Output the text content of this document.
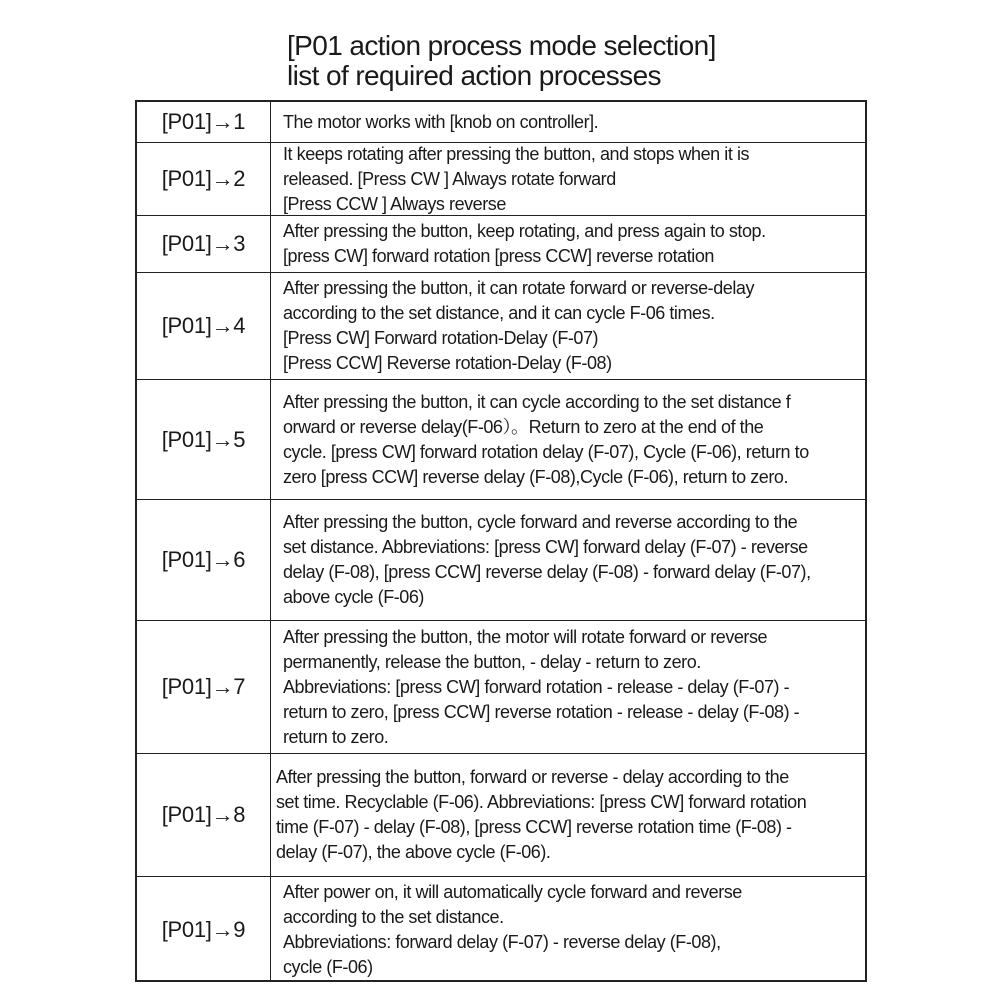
[P01 action process mode selection]
list of required action processes
[P01]→1	The motor works with [knob on controller].
[P01]→2
It keeps rotating after pressing the button, and stops when it is
released. [Press CW ] Always rotate forward
[Press CCW ] Always reverse
[P01]→3	After pressing the button, keep rotating, and press again to stop.
[press CW] forward rotation [press CCW] reverse rotation
[P01]→4
After pressing the button, it can rotate forward or reverse-delay
according to the set distance, and it can cycle F-06 times.
[Press CW] Forward rotation-Delay (F-07)
[Press CCW] Reverse rotation-Delay (F-08)
[P01]→5
After pressing the button, it can cycle according to the set distance f
orward or reverse delay(F-06）。Return to zero at the end of the
cycle. [press CW] forward rotation delay (F-07), Cycle (F-06), return to
zero [press CCW] reverse delay (F-08),Cycle (F-06), return to zero.
[P01]→6
After pressing the button, cycle forward and reverse according to the
set distance. Abbreviations: [press CW] forward delay (F-07) - reverse
delay (F-08), [press CCW] reverse delay (F-08) - forward delay (F-07),
above cycle (F-06)
[P01]→7
After pressing the button, the motor will rotate forward or reverse
permanently, release the button, - delay - return to zero.
Abbreviations: [press CW] forward rotation - release - delay (F-07) -
return to zero, [press CCW] reverse rotation - release - delay (F-08) -
return to zero.
[P01]→8
After pressing the button, forward or reverse - delay according to the
set time. Recyclable (F-06). Abbreviations: [press CW] forward rotation
time (F-07) - delay (F-08), [press CCW] reverse rotation time (F-08) -
delay (F-07), the above cycle (F-06).
[P01]→9
After power on, it will automatically cycle forward and reverse
according to the set distance.
Abbreviations: forward delay (F-07) - reverse delay (F-08),
cycle (F-06)
